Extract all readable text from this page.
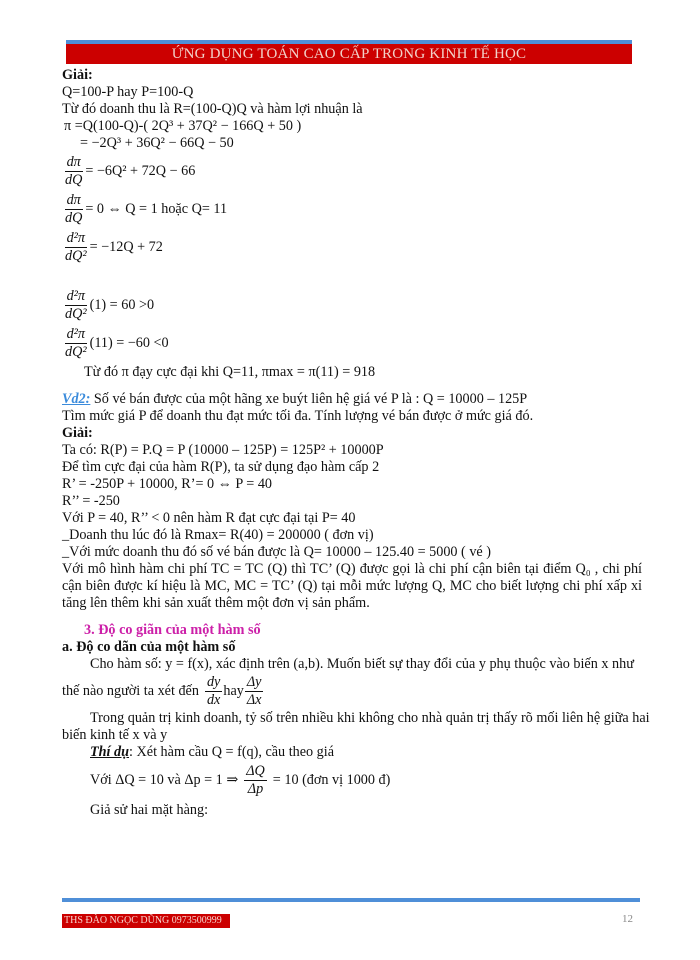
ỨNG DỤNG TOÁN CAO CẤP TRONG KINH TẾ HỌC
Giải:
Q=100-P hay P=100-Q
Từ đó doanh thu là R=(100-Q)Q và hàm lợi nhuận là
π =Q(100-Q)-( 2Q³ + 37Q² − 166Q + 50 )
= −2Q³ + 36Q² − 66Q − 50
$\frac{d\pi}{dQ} = -6Q^2 + 72Q - 66$
$\frac{d\pi}{dQ} = 0$ ⇔ Q = 1 hoặc Q= 11
$\frac{\text{d²π}}{\text{dQ²}} = -12Q + 72$
$\frac{\text{d²π}}{\text{dQ²}} (1) = 60 >0$
$\frac{\text{d²π}}{\text{dQ²}} (11) = -60 <0$
Từ đó π đạy cực đại khi Q=11, πmax = π(11) = 918
Vd2: Số vé bán được của một hãng xe buýt liên hệ giá vé P là : Q = 10000 – 125P
Tìm mức giá P để doanh thu đạt mức tối đa. Tính lượng vé bán được ở mức giá đó.
Giải:
Ta có: R(P) = P.Q = P (10000 – 125P) = 125P² + 10000P
Để tìm cực đại của hàm R(P), ta sử dụng đạo hàm cấp 2
R’ = -250P + 10000, R’= 0 ⇔ P = 40
R’’ = -250
Với P = 40, R’’ < 0 nên hàm R đạt cực đại tại P= 40
_Doanh thu lúc đó là Rmax= R(40) = 200000 ( đơn vị)
_Với mức doanh thu đó số vé bán được là Q= 10000 – 125.40 = 5000 ( vé )
Với mô hình hàm chi phí TC = TC (Q) thì TC’ (Q) được gọi là chi phí cận biên tại điểm Q₀ , chi phí cận biên được kí hiệu là MC, MC = TC’ (Q) tại mỗi mức lượng Q, MC cho biết lượng chi phí xấp xỉ tăng lên thêm khi sản xuất thêm một đơn vị sản phẩm.
3. Độ co giãn của một hàm số
a. Độ co dãn của một hàm số
Cho hàm số: y = f(x), xác định trên (a,b). Muốn biết sự thay đổi của y phụ thuộc vào biến x như
thế nào người ta xét đến $\frac{dy}{dx}$ hay $\frac{\Delta y}{\Delta x}$
Trong quản trị kinh doanh, tỷ số trên nhiều khi không cho nhà quản trị thấy rõ mối liên hệ giữa hai
biến kinh tế x và y
Thí dụ: Xét hàm cầu Q = f(q), cầu theo giá
Với ΔQ = 10 và Δp = 1 ⇒ $\frac{\Delta Q}{\Delta p} = 10$ (đơn vị 1000 đ)
Giả sử hai mặt hàng:
THS ĐÀO NGỌC DŨNG 0973500999	12
